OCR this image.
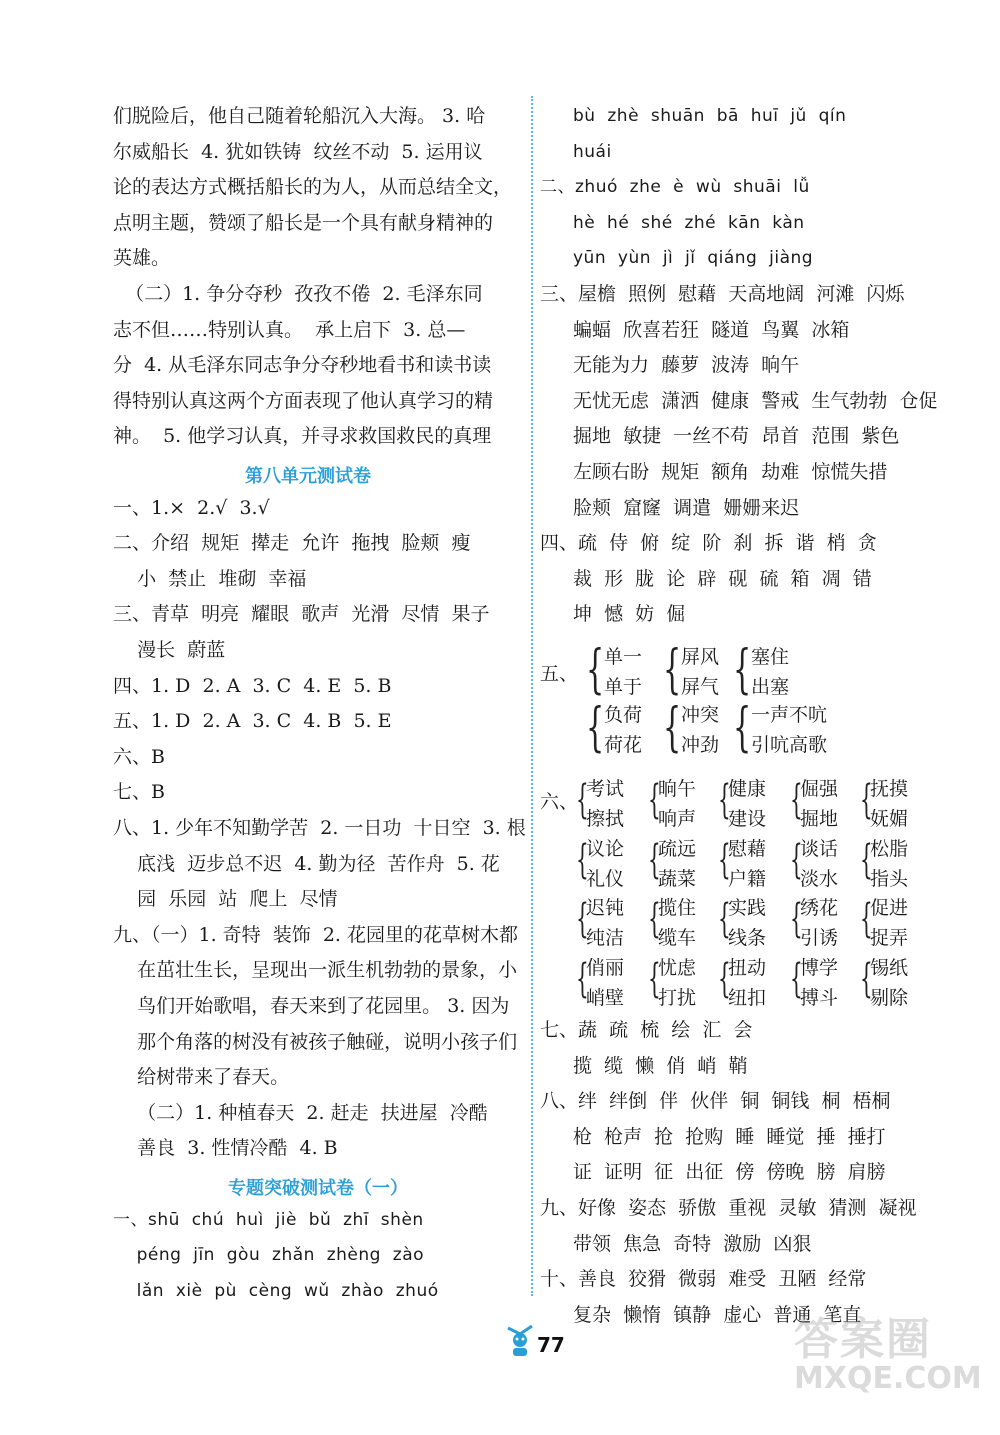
们脱险后，他自己随着轮船沉入大海。 3. 哈
尔威船长  4. 犹如铁铸  纹丝不动  5. 运用议
论的表达方式概括船长的为人，从而总结全文，
点明主题，赞颂了船长是一个具有献身精神的
英雄。
（二）1. 争分夺秒  孜孜不倦  2. 毛泽东同
志不但……特别认真。  承上启下  3. 总—
分  4. 从毛泽东同志争分夺秒地看书和读书读
得特别认真这两个方面表现了他认真学习的精
神。  5. 他学习认真，并寻求救国救民的真理
第八单元测试卷
一、1.×  2.√  3.√
二、介绍  规矩  撵走  允许  拖拽  脸颊  瘦
小  禁止  堆砌  幸福
三、青草  明亮  耀眼  歌声  光滑  尽情  果子
漫长  蔚蓝
四、1. D  2. A  3. C  4. E  5. B
五、1. D  2. A  3. C  4. B  5. E
六、B
七、B
八、1. 少年不知勤学苦  2. 一日功  十日空  3. 根
底浅  迈步总不迟  4. 勤为径  苦作舟  5. 花
园  乐园  站  爬上  尽情
九、（一）1. 奇特  装饰  2. 花园里的花草树木都
在茁壮生长，呈现出一派生机勃勃的景象，小
鸟们开始歌唱，春天来到了花园里。 3. 因为
那个角落的树没有被孩子触碰，说明小孩子们
给树带来了春天。
（二）1. 种植春天  2. 赶走  扶进屋  冷酷
善良  3. 性情冷酷  4. B
专题突破测试卷（一）
一、shū  chú  huì  jiè  bǔ  zhī  shèn
péng  jīn  gòu  zhǎn  zhèng  zào
lǎn  xiè  pù  cèng  wǔ  zhào  zhuó
bù  zhè  shuān  bā  huī  jǔ  qín
huái
二、zhuó  zhe  è  wù  shuāi  lǚ
hè  hé  shé  zhé  kān  kàn
yūn  yùn  jì  jǐ  qiáng  jiàng
三、屋檐  照例  慰藉  天高地阔  河滩  闪烁
蝙蝠  欣喜若狂  隧道  鸟翼  冰箱
无能为力  藤萝  波涛  晌午
无忧无虑  潇洒  健康  警戒  生气勃勃  仓促
掘地  敏捷  一丝不苟  昂首  范围  紫色
左顾右盼  规矩  额角  劫难  惊慌失措
脸颊  窟窿  调遣  姗姗来迟
四、疏  侍  俯  绽  阶  刹  拆  谐  梢  贪
裁  形  胧  论  辟  砚  硫  箱  凋  错
坤  憾  妨  倔
五、 { 单一
单于 { 屏风
屏气 { 塞住
出塞
{ 负荷
荷花 { 冲突
冲劲 { 一声不吭
引吭高歌
六、
{
考试
擦拭 {
晌午
响声 {
健康
建设 {
倔强
掘地 {
抚摸
妩媚
{
议论
礼仪 {
疏远
蔬菜 {
慰藉
户籍 {
谈话
淡水 {
松脂
指头
{
迟钝
纯洁 {
揽住
缆车 {
实践
线条 {
绣花
引诱 {
促进
捉弄
{
俏丽
峭壁 {
忧虑
打扰 {
扭动
纽扣 {
博学
搏斗 {
锡纸
剔除
七、蔬  疏  梳  绘  汇  会
揽  缆  懒  俏  峭  鞘
八、绊  绊倒  伴  伙伴  铜  铜钱  桐  梧桐
枪  枪声  抢  抢购  睡  睡觉  捶  捶打
证  证明  征  出征  傍  傍晚  膀  肩膀
九、好像  姿态  骄傲  重视  灵敏  猜测  凝视
带领  焦急  奇特  激励  凶狠
十、善良  狡猾  微弱  难受  丑陋  经常
复杂  懒惰  镇静  虚心  普通  笔直
77	答案圈
MXQE.COM
